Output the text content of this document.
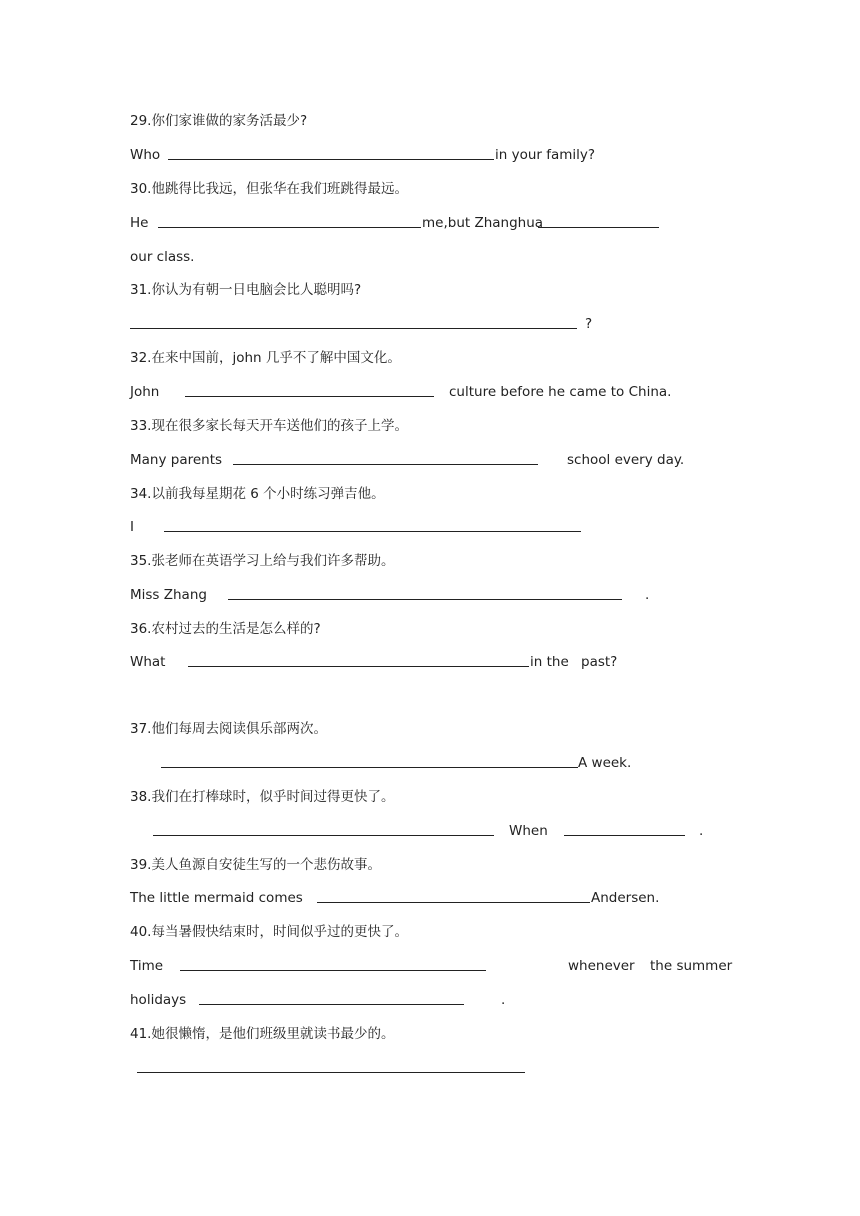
29.你们家谁做的家务活最少?
Who	in your family?
30.他跳得比我远，但张华在我们班跳得最远。
He	me,but Zhanghua
our class.
31.你认为有朝一日电脑会比人聪明吗?
?
32.在来中国前，john 几乎不了解中国文化。
John	culture before he came to China.
33.现在很多家长每天开车送他们的孩子上学。
Many parents	school every day.
34.以前我每星期花 6 个小时练习弹吉他。
I
35.张老师在英语学习上给与我们许多帮助。
Miss Zhang	.
36.农村过去的生活是怎么样的?
What	in the past?
37.他们每周去阅读俱乐部两次。
A week.
38.我们在打棒球时，似乎时间过得更快了。
When	.
39.美人鱼源自安徒生写的一个悲伤故事。
The little mermaid comes	Andersen.
40.每当暑假快结束时，时间似乎过的更快了。
Time	whenever the summer
holidays	.
41.她很懒惰，是他们班级里就读书最少的。
